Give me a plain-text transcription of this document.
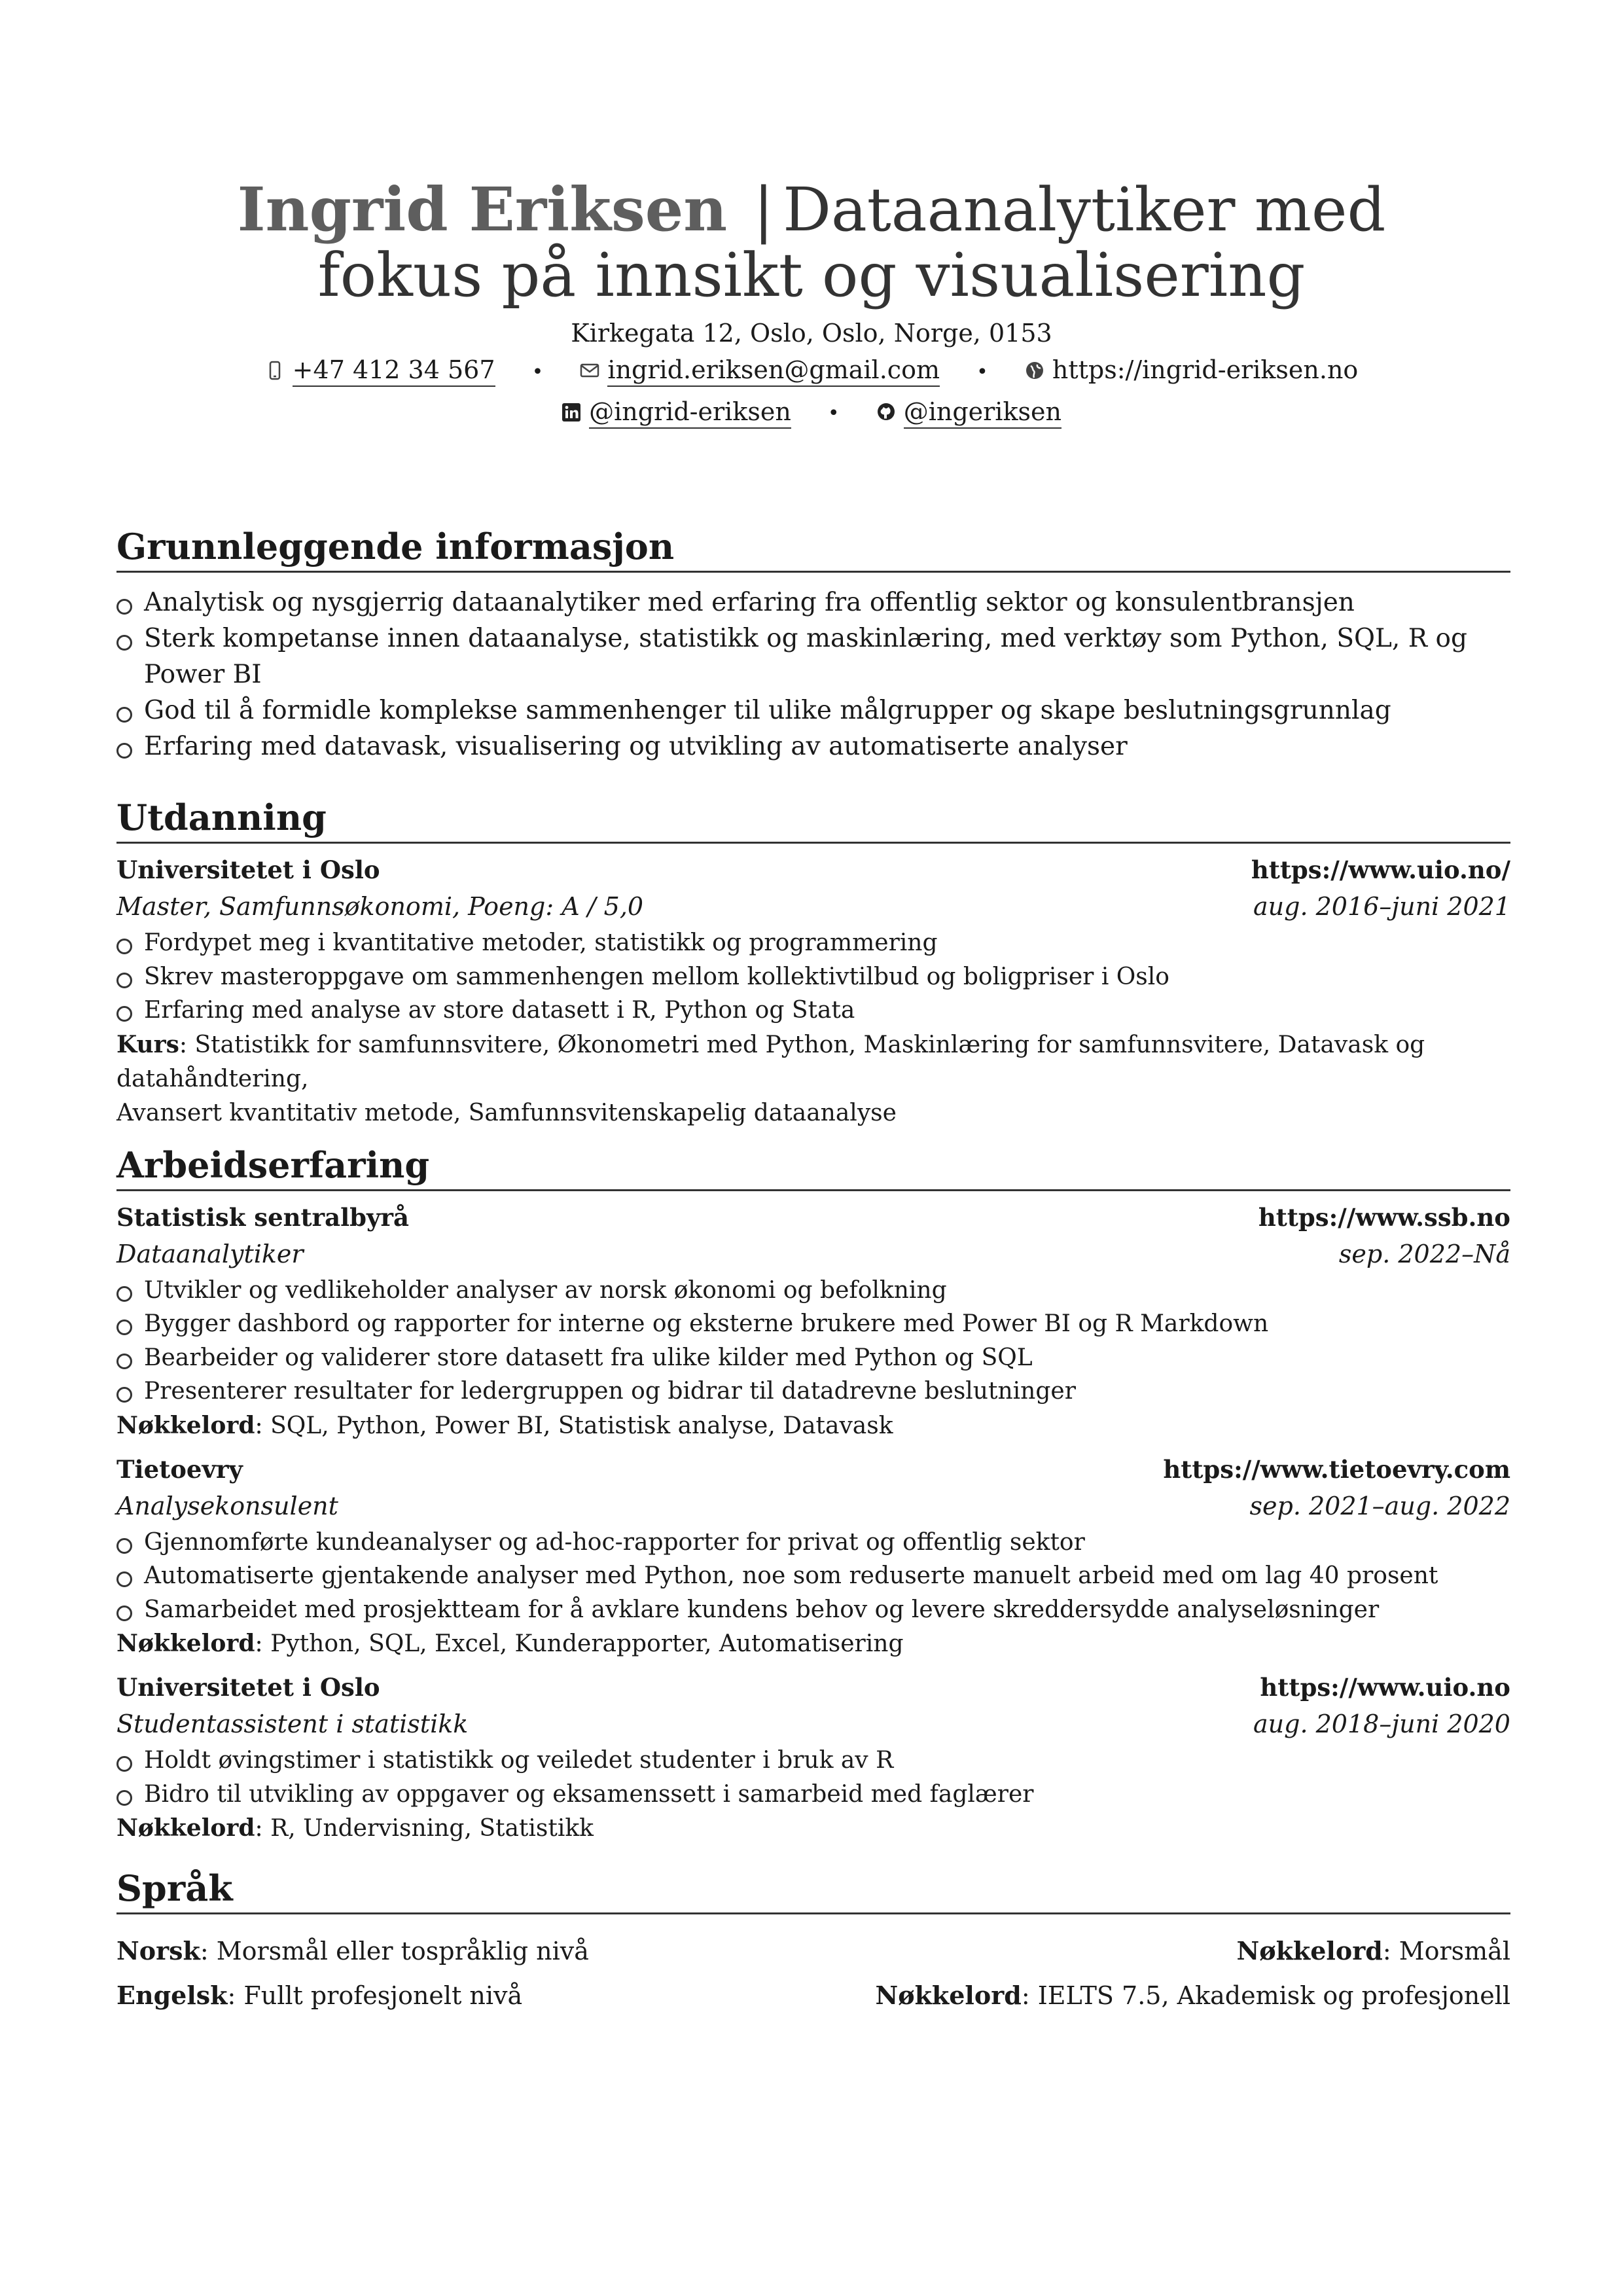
Ingrid Eriksen | Dataanalytiker med
fokus på innsikt og visualisering
Kirkegata 12, Oslo, Oslo, Norge, 0153
+47 412 34 567 •	ingrid.eriksen@gmail.com •	https://ingrid-eriksen.no
@ingrid-eriksen •	@ingeriksen
Grunnleggende informasjon
Analytisk og nysgjerrig dataanalytiker med erfaring fra offentlig sektor og konsulentbransjen
Sterk kompetanse innen dataanalyse, statistikk og maskinlæring, med verktøy som Python, SQL, R og Power BI
God til å formidle komplekse sammenhenger til ulike målgrupper og skape beslutningsgrunnlag
Erfaring med datavask, visualisering og utvikling av automatiserte analyser
Utdanning
Universitetet i Oslo	https://www.uio.no/
Master, Samfunnsøkonomi, Poeng: A / 5,0	aug. 2016–juni 2021
Fordypet meg i kvantitative metoder, statistikk og programmering
Skrev masteroppgave om sammenhengen mellom kollektivtilbud og boligpriser i Oslo
Erfaring med analyse av store datasett i R, Python og Stata
Kurs: Statistikk for samfunnsvitere, Økonometri med Python, Maskinlæring for samfunnsvitere, Datavask og datahåndtering,
Avansert kvantitativ metode, Samfunnsvitenskapelig dataanalyse
Arbeidserfaring
Statistisk sentralbyrå	https://www.ssb.no
Dataanalytiker	sep. 2022–Nå
Utvikler og vedlikeholder analyser av norsk økonomi og befolkning
Bygger dashbord og rapporter for interne og eksterne brukere med Power BI og R Markdown
Bearbeider og validerer store datasett fra ulike kilder med Python og SQL
Presenterer resultater for ledergruppen og bidrar til datadrevne beslutninger
Nøkkelord: SQL, Python, Power BI, Statistisk analyse, Datavask
Tietoevry	https://www.tietoevry.com
Analysekonsulent	sep. 2021–aug. 2022
Gjennomførte kundeanalyser og ad-hoc-rapporter for privat og offentlig sektor
Automatiserte gjentakende analyser med Python, noe som reduserte manuelt arbeid med om lag 40 prosent
Samarbeidet med prosjektteam for å avklare kundens behov og levere skreddersydde analyseløsninger
Nøkkelord: Python, SQL, Excel, Kunderapporter, Automatisering
Universitetet i Oslo	https://www.uio.no
Studentassistent i statistikk	aug. 2018–juni 2020
Holdt øvingstimer i statistikk og veiledet studenter i bruk av R
Bidro til utvikling av oppgaver og eksamenssett i samarbeid med faglærer
Nøkkelord: R, Undervisning, Statistikk
Språk
Norsk: Morsmål eller tospråklig nivå	Nøkkelord: Morsmål
Engelsk: Fullt profesjonelt nivå	Nøkkelord: IELTS 7.5, Akademisk og profesjonell
